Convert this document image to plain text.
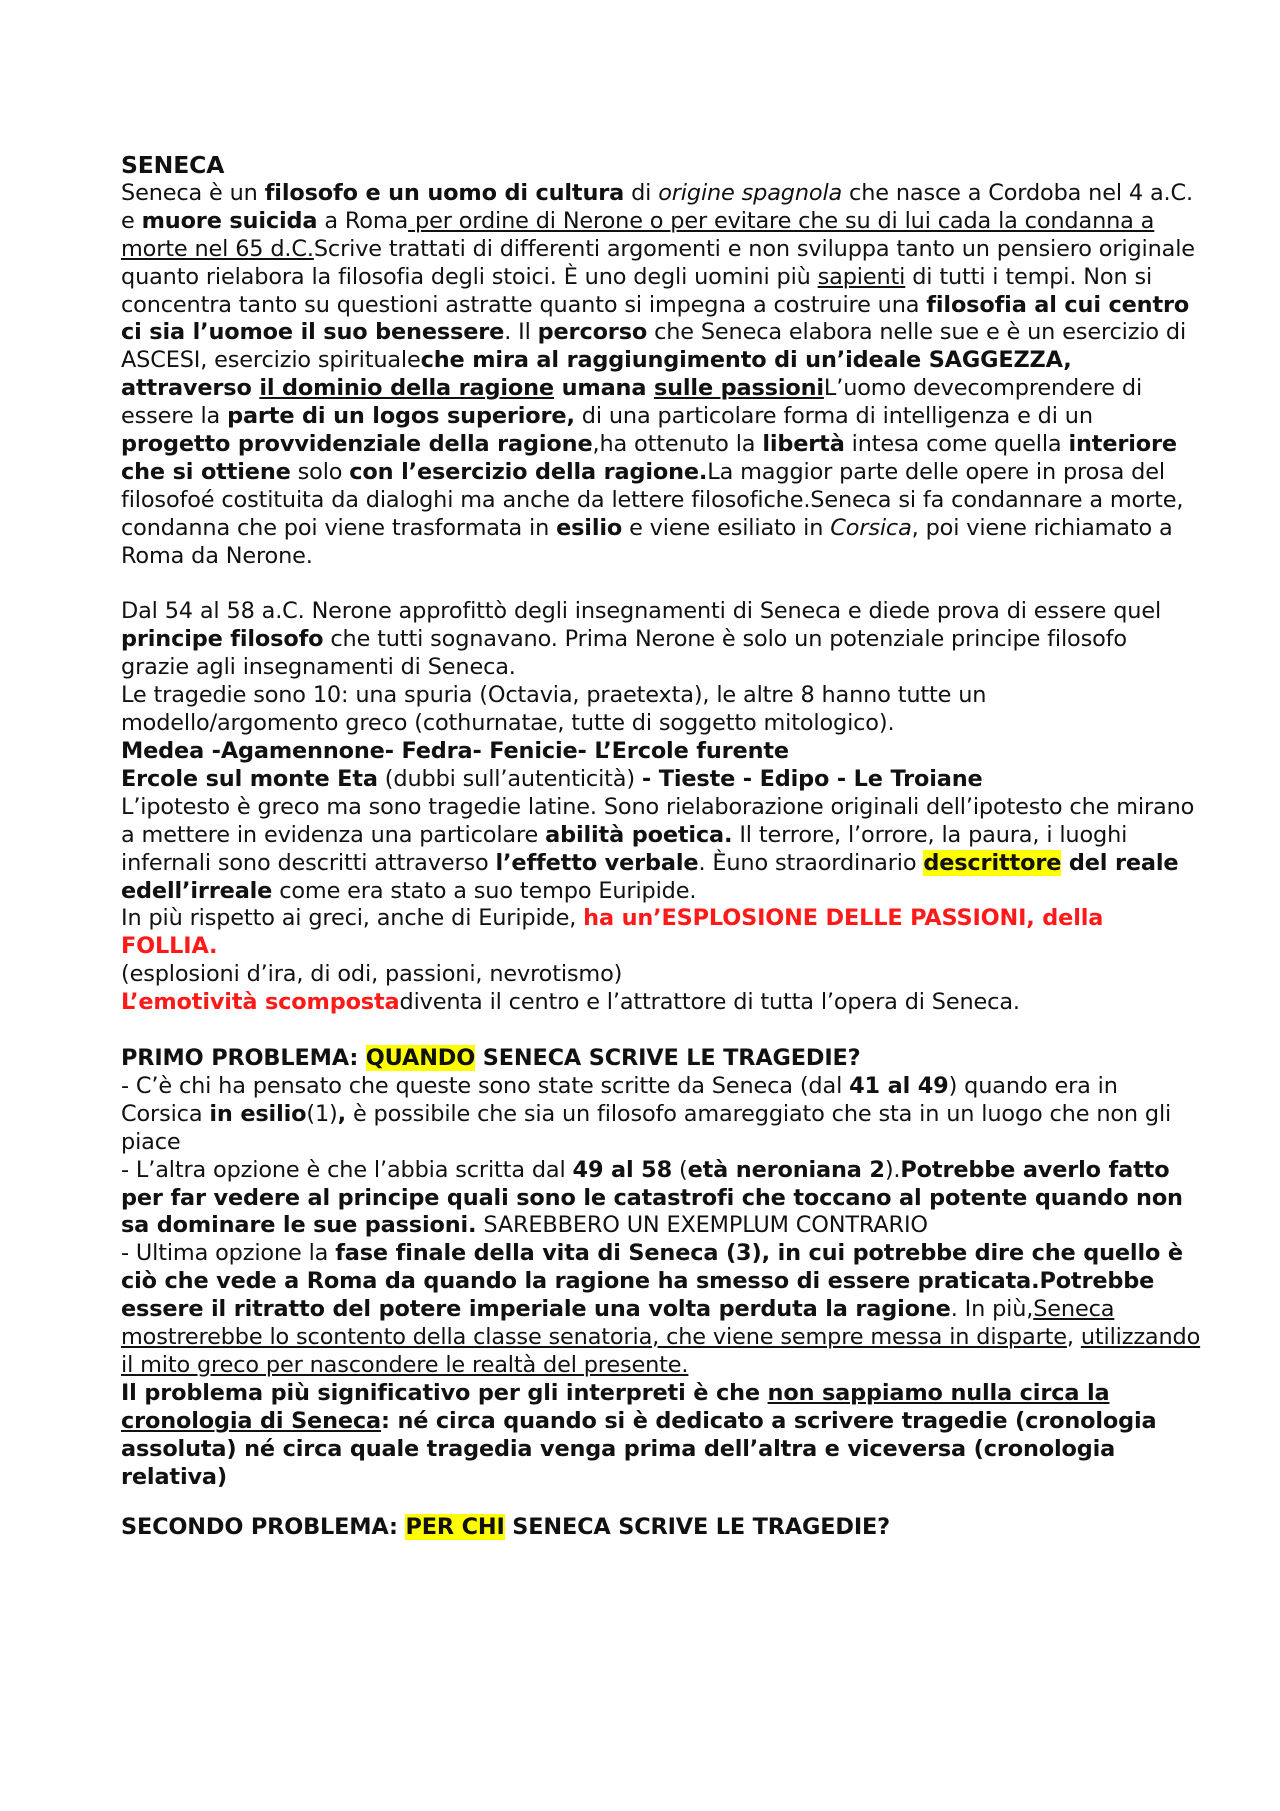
SENECA

Seneca è un filosofo e un uomo di cultura di origine spagnola che nasce a Cordoba nel 4 a.C. e muore suicida a Roma per ordine di Nerone o per evitare che su di lui cada la condanna a morte nel 65 d.C.Scrive trattati di differenti argomenti e non sviluppa tanto un pensiero originale quanto rielabora la filosofia degli stoici. È uno degli uomini più sapienti di tutti i tempi. Non si concentra tanto su questioni astratte quanto si impegna a costruire una filosofia al cui centro ci sia l’uomoe il suo benessere. Il percorso che Seneca elabora nelle sue e è un esercizio di ASCESI, esercizio spiritualeche mira al raggiungimento di un’ideale SAGGEZZA, attraverso il dominio della ragione umana sulle passioniL’uomo devecomprendere di essere la parte di un logos superiore, di una particolare forma di intelligenza e di un progetto provvidenziale della ragione,ha ottenuto la libertà intesa come quella interiore che si ottiene solo con l’esercizio della ragione.La maggior parte delle opere in prosa del filosofoé costituita da dialoghi ma anche da lettere filosofiche.Seneca si fa condannare a morte, condanna che poi viene trasformata in esilio e viene esiliato in Corsica, poi viene richiamato a Roma da Nerone.

Dal 54 al 58 a.C. Nerone approfittò degli insegnamenti di Seneca e diede prova di essere quel principe filosofo che tutti sognavano. Prima Nerone è solo un potenziale principe filosofo grazie agli insegnamenti di Seneca.

Le tragedie sono 10: una spuria (Octavia, praetexta), le altre 8 hanno tutte un modello/argomento greco (cothurnatae, tutte di soggetto mitologico).

Medea -Agamennone- Fedra- Fenicie- L’Ercole furente

Ercole sul monte Eta (dubbi sull’autenticità) - Tieste - Edipo - Le Troiane

L’ipotesto è greco ma sono tragedie latine. Sono rielaborazione originali dell’ipotesto che mirano a mettere in evidenza una particolare abilità poetica. Il terrore, l’orrore, la paura, i luoghi infernali sono descritti attraverso l’effetto verbale. Èuno straordinario descrittore del reale edell’irreale come era stato a suo tempo Euripide.

In più rispetto ai greci, anche di Euripide, ha un’ESPLOSIONE DELLE PASSIONI, della FOLLIA.

(esplosioni d’ira, di odi, passioni, nevrotismo)

L’emotività scompostadiventa il centro e l’attrattore di tutta l’opera di Seneca.

PRIMO PROBLEMA: QUANDO SENECA SCRIVE LE TRAGEDIE?

- C’è chi ha pensato che queste sono state scritte da Seneca (dal 41 al 49) quando era in Corsica in esilio(1), è possibile che sia un filosofo amareggiato che sta in un luogo che non gli piace

- L’altra opzione è che l’abbia scritta dal 49 al 58 (età neroniana 2).Potrebbe averlo fatto per far vedere al principe quali sono le catastrofi che toccano al potente quando non sa dominare le sue passioni. SAREBBERO UN EXEMPLUM CONTRARIO

- Ultima opzione la fase finale della vita di Seneca (3), in cui potrebbe dire che quello è ciò che vede a Roma da quando la ragione ha smesso di essere praticata.Potrebbe essere il ritratto del potere imperiale una volta perduta la ragione. In più,Seneca mostrerebbe lo scontento della classe senatoria, che viene sempre messa in disparte, utilizzando il mito greco per nascondere le realtà del presente.

Il problema più significativo per gli interpreti è che non sappiamo nulla circa la cronologia di Seneca: né circa quando si è dedicato a scrivere tragedie (cronologia assoluta) né circa quale tragedia venga prima dell’altra e viceversa (cronologia relativa)

SECONDO PROBLEMA: PER CHI SENECA SCRIVE LE TRAGEDIE?
